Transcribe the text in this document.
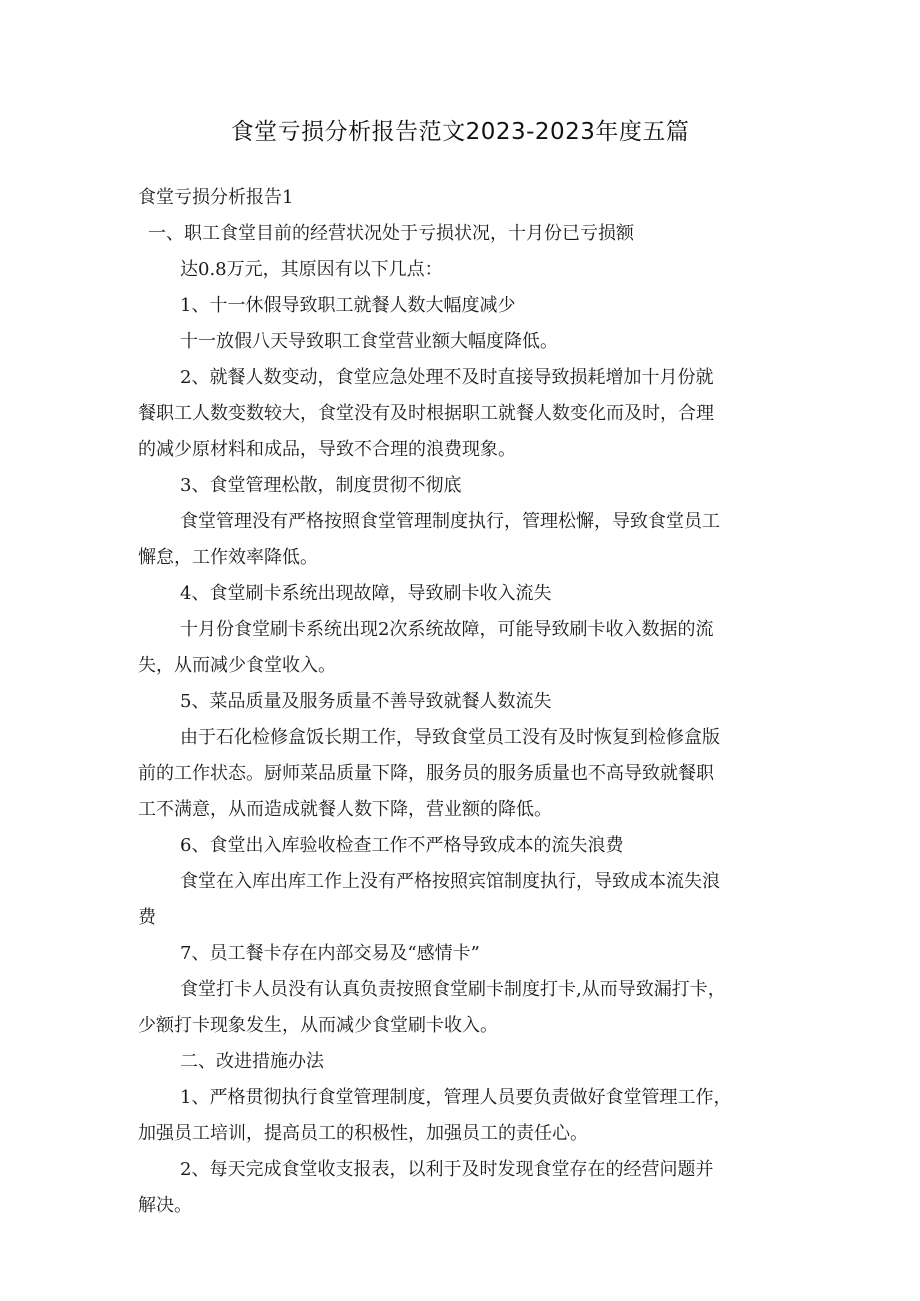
食堂亏损分析报告范文2023-2023年度五篇
食堂亏损分析报告1
一、职工食堂目前的经营状况处于亏损状况，十月份已亏损额
达0.8万元，其原因有以下几点：
1、十一休假导致职工就餐人数大幅度减少
十一放假八天导致职工食堂营业额大幅度降低。
2、就餐人数变动，食堂应急处理不及时直接导致损耗增加十月份就
餐职工人数变数较大，食堂没有及时根据职工就餐人数变化而及时，合理
的减少原材料和成品，导致不合理的浪费现象。
3、食堂管理松散，制度贯彻不彻底
食堂管理没有严格按照食堂管理制度执行，管理松懈，导致食堂员工
懈怠，工作效率降低。
4、食堂刷卡系统出现故障，导致刷卡收入流失
十月份食堂刷卡系统出现2次系统故障，可能导致刷卡收入数据的流
失，从而减少食堂收入。
5、菜品质量及服务质量不善导致就餐人数流失
由于石化检修盒饭长期工作，导致食堂员工没有及时恢复到检修盒版
前的工作状态。厨师菜品质量下降，服务员的服务质量也不高导致就餐职
工不满意，从而造成就餐人数下降，营业额的降低。
6、食堂出入库验收检查工作不严格导致成本的流失浪费
食堂在入库出库工作上没有严格按照宾馆制度执行，导致成本流失浪
费
7、员工餐卡存在内部交易及“感情卡”
食堂打卡人员没有认真负责按照食堂刷卡制度打卡,从而导致漏打卡，
少额打卡现象发生，从而减少食堂刷卡收入。
二、改进措施办法
1、严格贯彻执行食堂管理制度，管理人员要负责做好食堂管理工作，
加强员工培训，提高员工的积极性，加强员工的责任心。
2、每天完成食堂收支报表，以利于及时发现食堂存在的经营问题并
解决。
